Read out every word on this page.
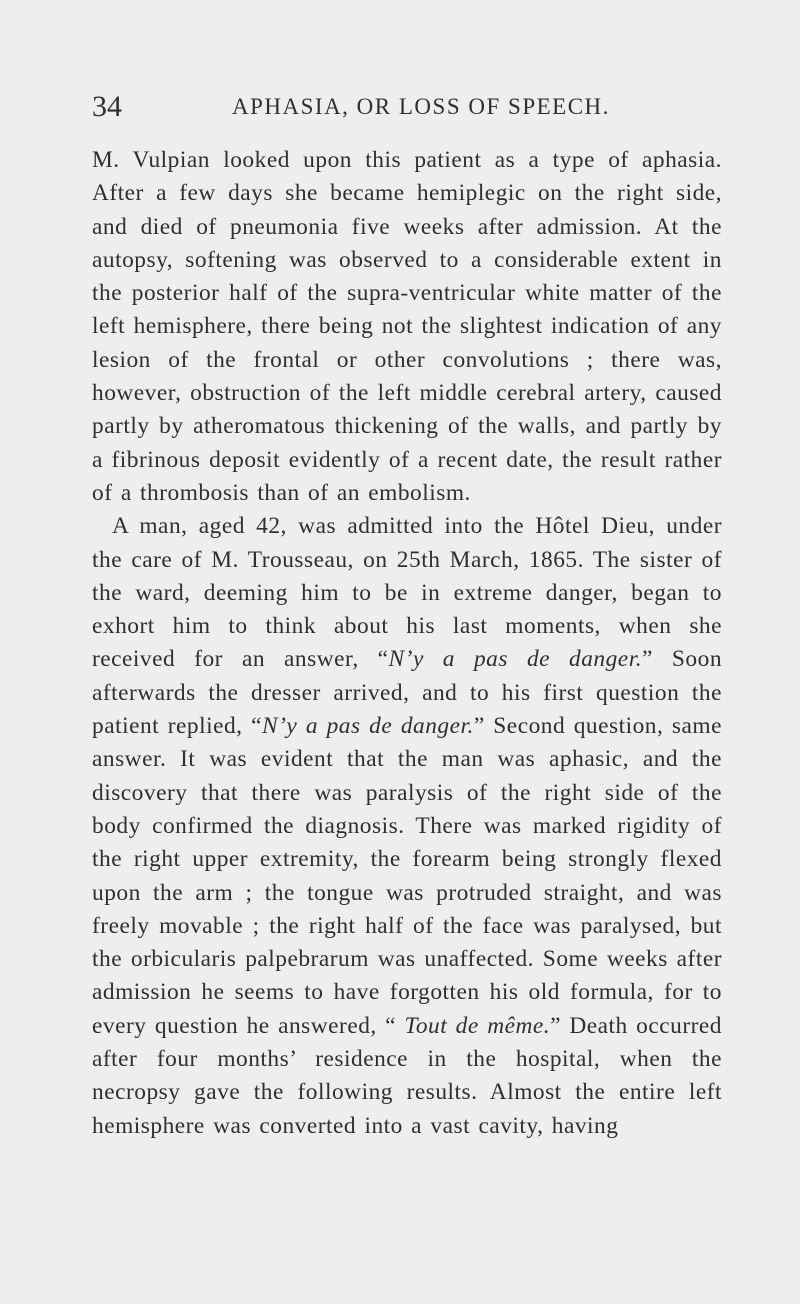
34	APHASIA, OR LOSS OF SPEECH.

M. Vulpian looked upon this patient as a type of aphasia. After a few days she became hemiplegic on the right side, and died of pneumonia five weeks after admission. At the autopsy, softening was observed to a considerable extent in the posterior half of the supra-ventricular white matter of the left hemisphere, there being not the slightest indication of any lesion of the frontal or other convolutions ; there was, however, obstruction of the left middle cerebral artery, caused partly by atheromatous thickening of the walls, and partly by a fibrinous deposit evidently of a recent date, the result rather of a thrombosis than of an embolism.

A man, aged 42, was admitted into the Hôtel Dieu, under the care of M. Trousseau, on 25th March, 1865. The sister of the ward, deeming him to be in extreme danger, began to exhort him to think about his last moments, when she received for an answer, “N’y a pas de danger.” Soon afterwards the dresser arrived, and to his first question the patient replied, “N’y a pas de danger.” Second question, same answer. It was evident that the man was aphasic, and the discovery that there was paralysis of the right side of the body confirmed the diagnosis. There was marked rigidity of the right upper extremity, the forearm being strongly flexed upon the arm ; the tongue was protruded straight, and was freely movable ; the right half of the face was paralysed, but the orbicularis palpebrarum was unaffected. Some weeks after admission he seems to have forgotten his old formula, for to every question he answered, “ Tout de même.” Death occurred after four months’ residence in the hospital, when the necropsy gave the following results. Almost the entire left hemisphere was converted into a vast cavity, having
